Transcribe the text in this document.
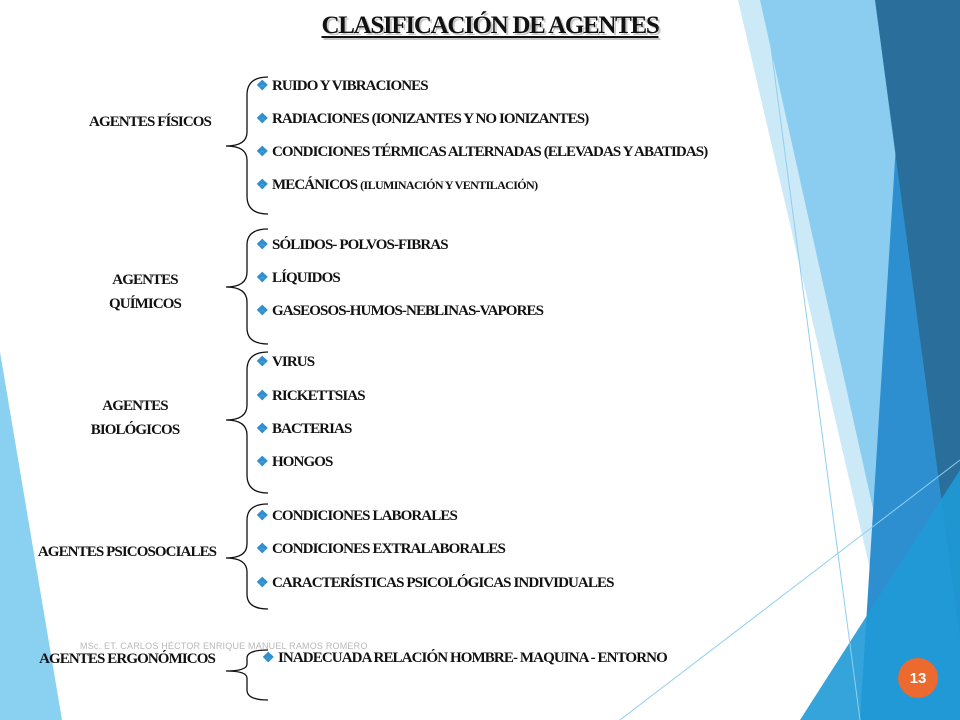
CLASIFICACIÓN DE AGENTES
AGENTES FÍSICOS
AGENTES
QUÍMICOS
AGENTES
BIOLÓGICOS
AGENTES PSICOSOCIALES
AGENTES ERGONÓMICOS
❖ RUIDO Y VIBRACIONES
❖ RADIACIONES (IONIZANTES Y NO IONIZANTES)
❖ CONDICIONES TÉRMICAS ALTERNADAS (ELEVADAS Y ABATIDAS)
❖ MECÁNICOS (ILUMINACIÓN Y VENTILACIÓN)
❖ SÓLIDOS- POLVOS-FIBRAS
❖ LÍQUIDOS
❖ GASEOSOS-HUMOS-NEBLINAS-VAPORES
❖ VIRUS
❖ RICKETTSIAS
❖ BACTERIAS
❖ HONGOS
❖ CONDICIONES LABORALES
❖ CONDICIONES EXTRALABORALES
❖ CARACTERÍSTICAS PSICOLÓGICAS INDIVIDUALES
❖ INADECUADA RELACIÓN HOMBRE- MAQUINA - ENTORNO
MSc. ET. CARLOS HÉCTOR ENRIQUE MANUEL RAMOS ROMERO
13
